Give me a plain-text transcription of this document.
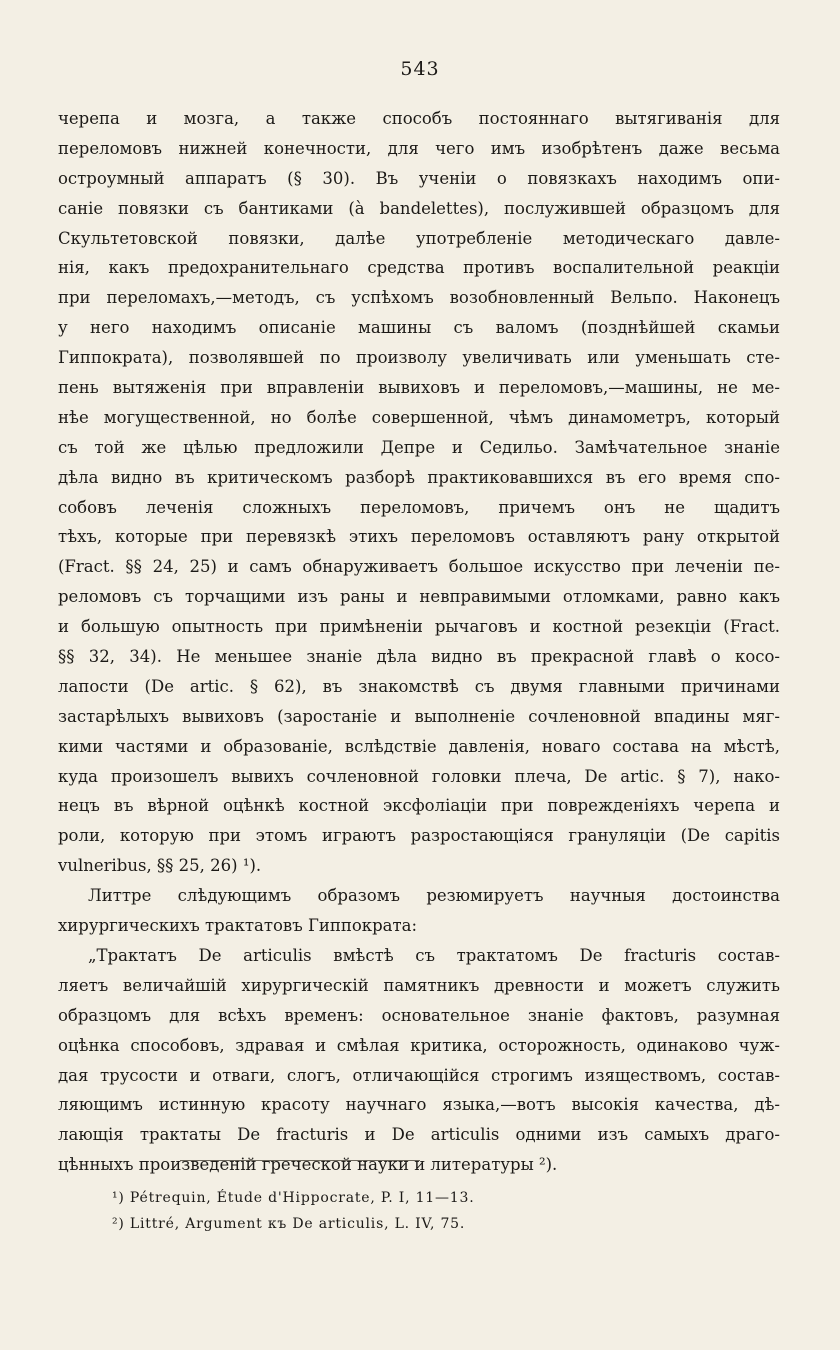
543
черепа и мозга, а также способъ постояннаго вытягиванія для
переломовъ нижней конечности, для чего имъ изобрѣтенъ даже весьма
остроумный аппаратъ (§ 30). Въ ученіи о повязкахъ находимъ опи-
саніе повязки съ бантиками (à bandelettes), послужившей образцомъ для
Скультетовской повязки, далѣе употребленіе методическаго давле-
нія, какъ предохранительнаго средства противъ воспалительной реакціи
при переломахъ,—методъ, съ успѣхомъ возобновленный Вельпо. Наконецъ
у него находимъ описаніе машины съ валомъ (позднѣйшей скамьи
Гиппократа), позволявшей по произволу увеличивать или уменьшать сте-
пень вытяженія при вправленіи вывиховъ и переломовъ,—машины, не ме-
нѣе могущественной, но болѣе совершенной, чѣмъ динамометръ, который
съ той же цѣлью предложили Депре и Седильо. Замѣчательное знаніе
дѣла видно въ критическомъ разборѣ практиковавшихся въ его время спо-
собовъ леченія сложныхъ переломовъ, причемъ онъ не щадитъ
тѣхъ, которые при перевязкѣ этихъ переломовъ оставляютъ рану открытой
(Fract. §§ 24, 25) и самъ обнаруживаетъ большое искусство при леченіи пе-
реломовъ съ торчащими изъ раны и невправимыми отломками, равно какъ
и большую опытность при примѣненіи рычаговъ и костной резекціи (Fract.
§§ 32, 34). Не меньшее знаніе дѣла видно въ прекрасной главѣ о косо-
лапости (De artic. § 62), въ знакомствѣ съ двумя главными причинами
застарѣлыхъ вывиховъ (заростаніе и выполненіе сочленовной впадины мяг-
кими частями и образованіе, вслѣдствіе давленія, новаго состава на мѣстѣ,
куда произошелъ вывихъ сочленовной головки плеча, De artic. § 7), нако-
нецъ въ вѣрной оцѣнкѣ костной эксфоліаціи при поврежденіяхъ черепа и
роли, которую при этомъ играютъ разростающіяся грануляціи (De capitis
vulneribus, §§ 25, 26) ¹).
Литтре слѣдующимъ образомъ резюмируетъ научныя достоинства
хирургическихъ трактатовъ Гиппократа:
„Трактатъ De articulis вмѣстѣ съ трактатомъ De fracturis состав-
ляетъ величайшій хирургическій памятникъ древности и можетъ служить
образцомъ для всѣхъ временъ: основательное знаніе фактовъ, разумная
оцѣнка способовъ, здравая и смѣлая критика, осторожность, одинаково чуж-
дая трусости и отваги, слогъ, отличающійся строгимъ изяществомъ, состав-
ляющимъ истинную красоту научнаго языка,—вотъ высокія качества, дѣ-
лающія трактаты De fracturis и De articulis одними изъ самыхъ драго-
цѣнныхъ произведеній греческой науки и литературы ²).
¹) Pétrequin, Étude d'Hippocrate, P. I, 11—13.
²) Littré, Argument къ De articulis, L. IV, 75.
